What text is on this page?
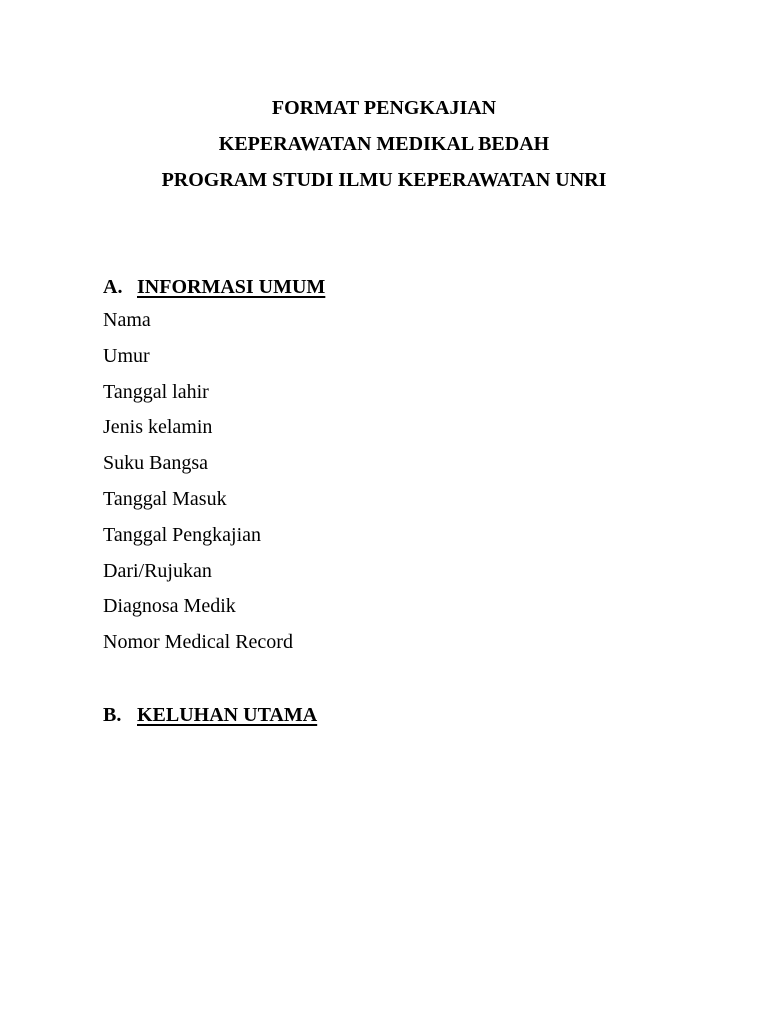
FORMAT PENGKAJIAN
KEPERAWATAN MEDIKAL BEDAH
PROGRAM STUDI ILMU KEPERAWATAN UNRI
A. INFORMASI UMUM
Nama
Umur
Tanggal lahir
Jenis kelamin
Suku Bangsa
Tanggal Masuk
Tanggal Pengkajian
Dari/Rujukan
Diagnosa Medik
Nomor Medical Record
B. KELUHAN UTAMA
